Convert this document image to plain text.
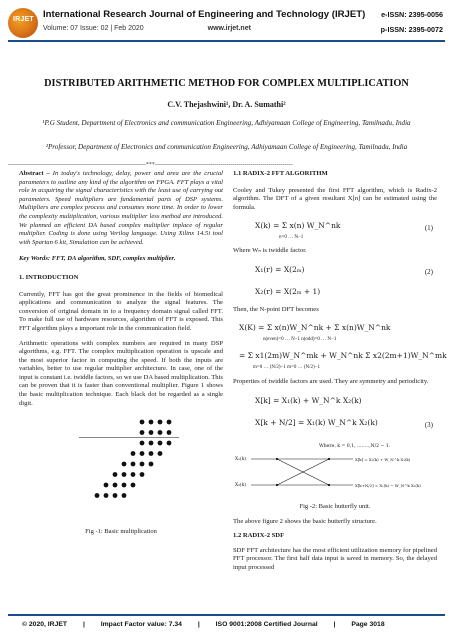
IRJET International Research Journal of Engineering and Technology (IRJET)
Volume: 07 Issue: 02 | Feb 2020	www.irjet.net
e-ISSN: 2395-0056
p-ISSN: 2395-0072
DISTRIBUTED ARITHMETIC METHOD FOR COMPLEX MULTIPLICATION
C.V. Thejashwini¹, Dr. A. Sumathi²
¹P.G Student, Department of Electronics and communication Engineering, Adhiyamaan College of Engineering, Tamilnadu, India
²Professor, Department of Electronics and communication Engineering, Adhiyamaan College of Engineering, Tamilnadu, India
---------------------------------------------------------------------***---------------------------------------------------------------------
Abstract – In today's technology, delay, power and area are the crucial parameters to outline any kind of the algorithm on FPGA. FFT plays a vital role in acquiring the signal characteristics with the least use of carrying out parameters. Speed multipliers are fundamental parts of DSP systems. Multipliers are complex process and consumes more time. In order to lower the complexity multiplication, various multiplier less method are introduced. We planned an efficient DA based complex multiplier inplace of regular multiplier. Coding is done using Verilog language. Using Xilinx 14.5i tool with Spartan 6 kit, Simulation can be achieved.
Key Words: FFT, DA algorithm, SDF, complex multiplier.
1. INTRODUCTION

Currently, FFT has got the great prominence in the fields of biomedical applications and communication to analyze the signal features. The conversion of original domain in to a frequency domain signal called FFT. To make full use of hardware resources, algorithm of FFT is exposed. This FFT algorithm plays a important role in the communication field.

Arithmetic operations with complex numbers are required in many DSP algorithms, e.g. FFT. The complex multiplication operation is upscale and the most superior factor in computing the speed. If both the inputs are variables, better to use regular multiplier architecture. In case, one of the input is constant i.e. twiddle factors, so we use DA based multiplication. This can be proven that it is faster than conventional multiplier. Figure 1 shows the basic multiplication technique. Each black dot be regarded as a single digit.

Fig -1: Basic multiplication
1.1 RADIX-2 FFT ALGORITHM

Cooley and Tukey presented the first FFT algorithm, which is Radix-2 algorithm. The DFT of a given resultant X[n] can be estimated using the formula.

X(k) = Σ x(n) W_N^nk	(1)
n=0 … N−1

Where Wₙ is twiddle factor.

X₁(r) = X(2ₘ)	(2)
X₂(r) = X(2ₘ + 1)

Then, the N-point DFT becomes

X(K) = Σ x(n)W_N^nk + Σ x(n)W_N^nk
n(even)=0 … N−1 n(odd)=0 … N−1
= Σ x1(2m)W_N^mk + W_N^nk Σ x2(2m+1)W_N^mk
m=0 … (N/2)−1 m=0 … (N/2)−1

Properties of twiddle factors are used. They are symmetry and periodicity.

X[k] = X₁(k) + W_N^k X₂(k)
X[k + N/2] = X₁(k) W_N^k X₂(k)	(3)
Where, k = 0,1, ……..,N/2 − 1.
X₁(k)
X₂(k)
X[k] = X₁(k) + W_N^k X₂(k)
X[k+N/2] = X₁(k) − W_N^k X₂(k)
Fig -2: Basic butterfly unit.

The above figure 2 shows the basic butterfly structure.

1.2 RADIX-2 SDF

SDF FFT architecture has the most efficient utilization memory for pipelined FFT processor. The first half data input is saved in memory. So, the delayed input processed

© 2020, IRJET | Impact Factor value: 7.34 | ISO 9001:2008 Certified Journal | Page 3018
